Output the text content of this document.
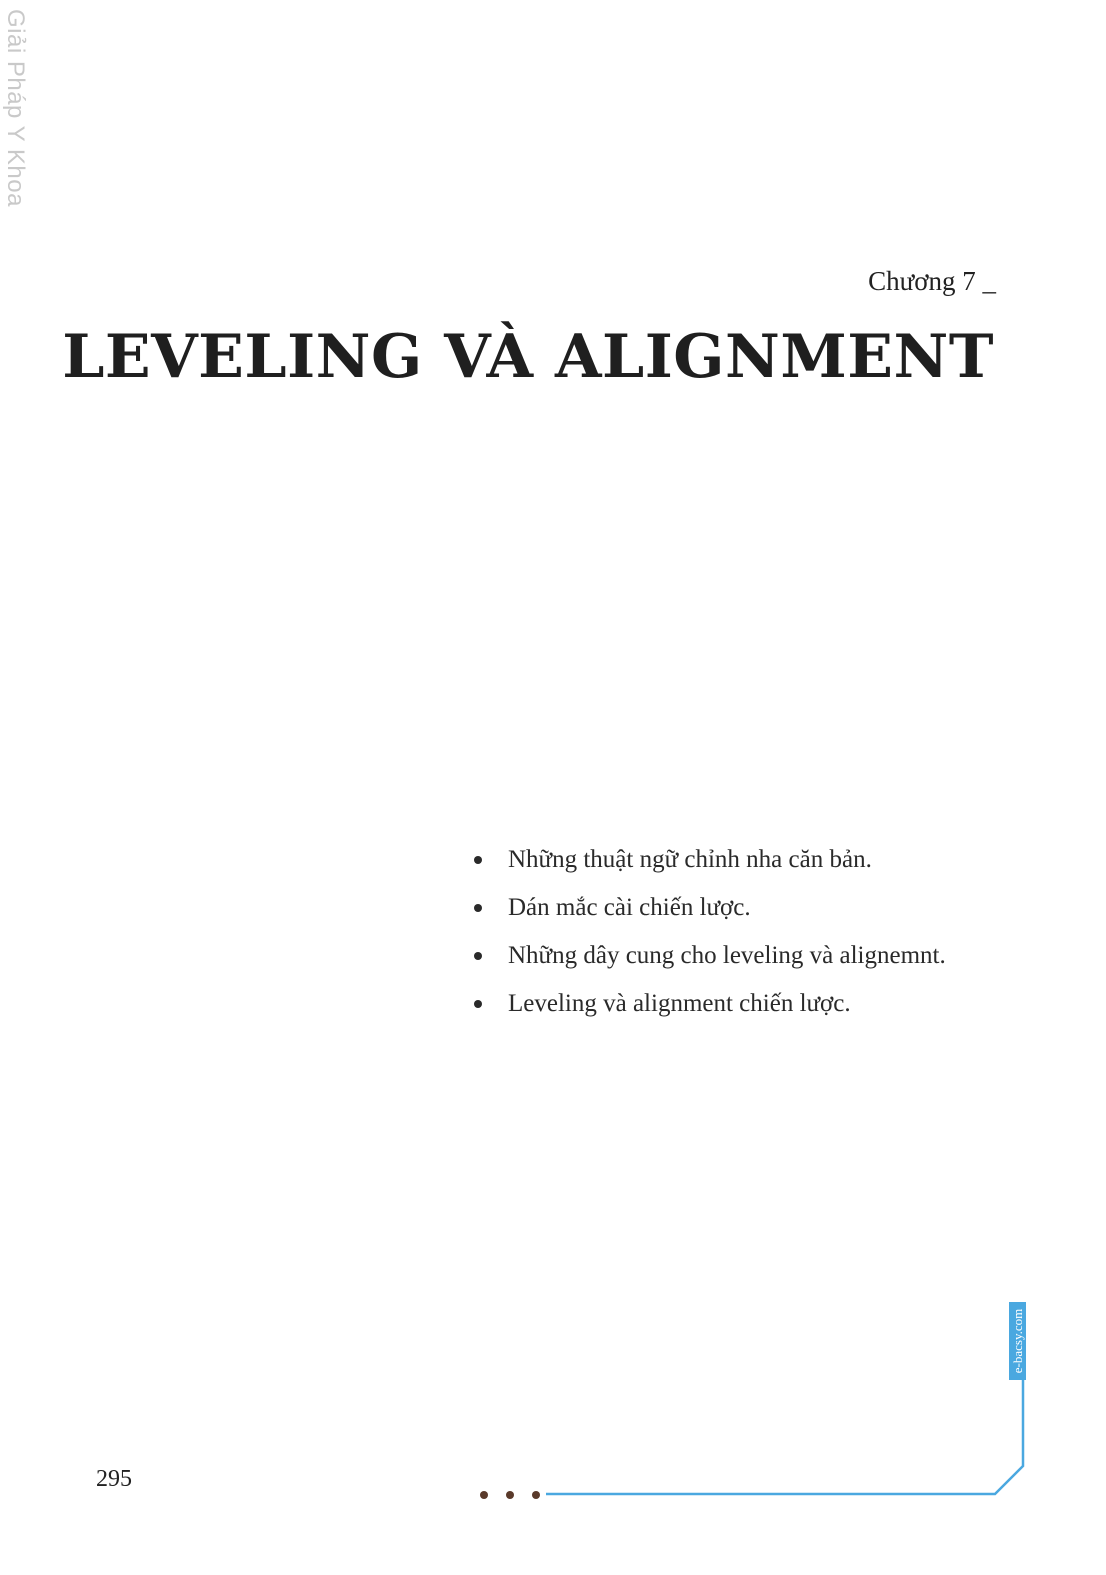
Giải Pháp Y Khoa
Chương 7 _
LEVELING VÀ ALIGNMENT
Những thuật ngữ chỉnh nha căn bản.
Dán mắc cài chiến lược.
Những dây cung cho leveling và alignemnt.
Leveling và alignment chiến lược.
e-bacsy.com
295
